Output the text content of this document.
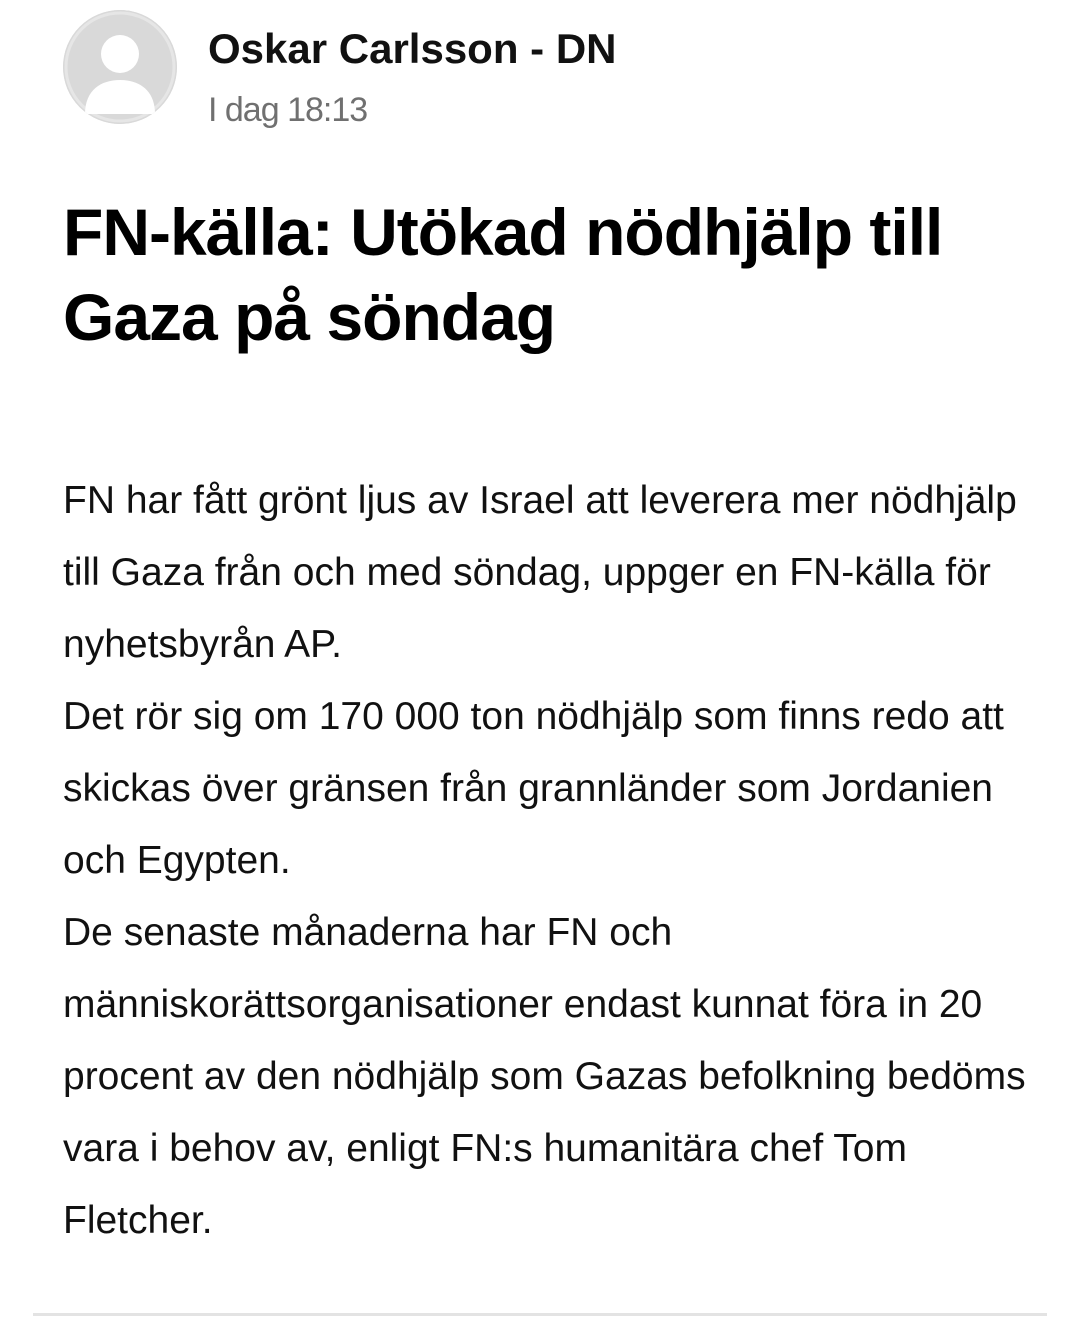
Oskar Carlsson - DN
I dag 18:13
FN-källa: Utökad nödhjälp till Gaza på söndag

FN har fått grönt ljus av Israel att leverera mer nödhjälp till Gaza från och med söndag, uppger en FN-källa för nyhetsbyrån AP.

Det rör sig om 170 000 ton nödhjälp som finns redo att skickas över gränsen från grannländer som Jordanien och Egypten.

De senaste månaderna har FN och människorättsorganisationer endast kunnat föra in 20 procent av den nödhjälp som Gazas befolkning bedöms vara i behov av, enligt FN:s humanitära chef Tom Fletcher.
